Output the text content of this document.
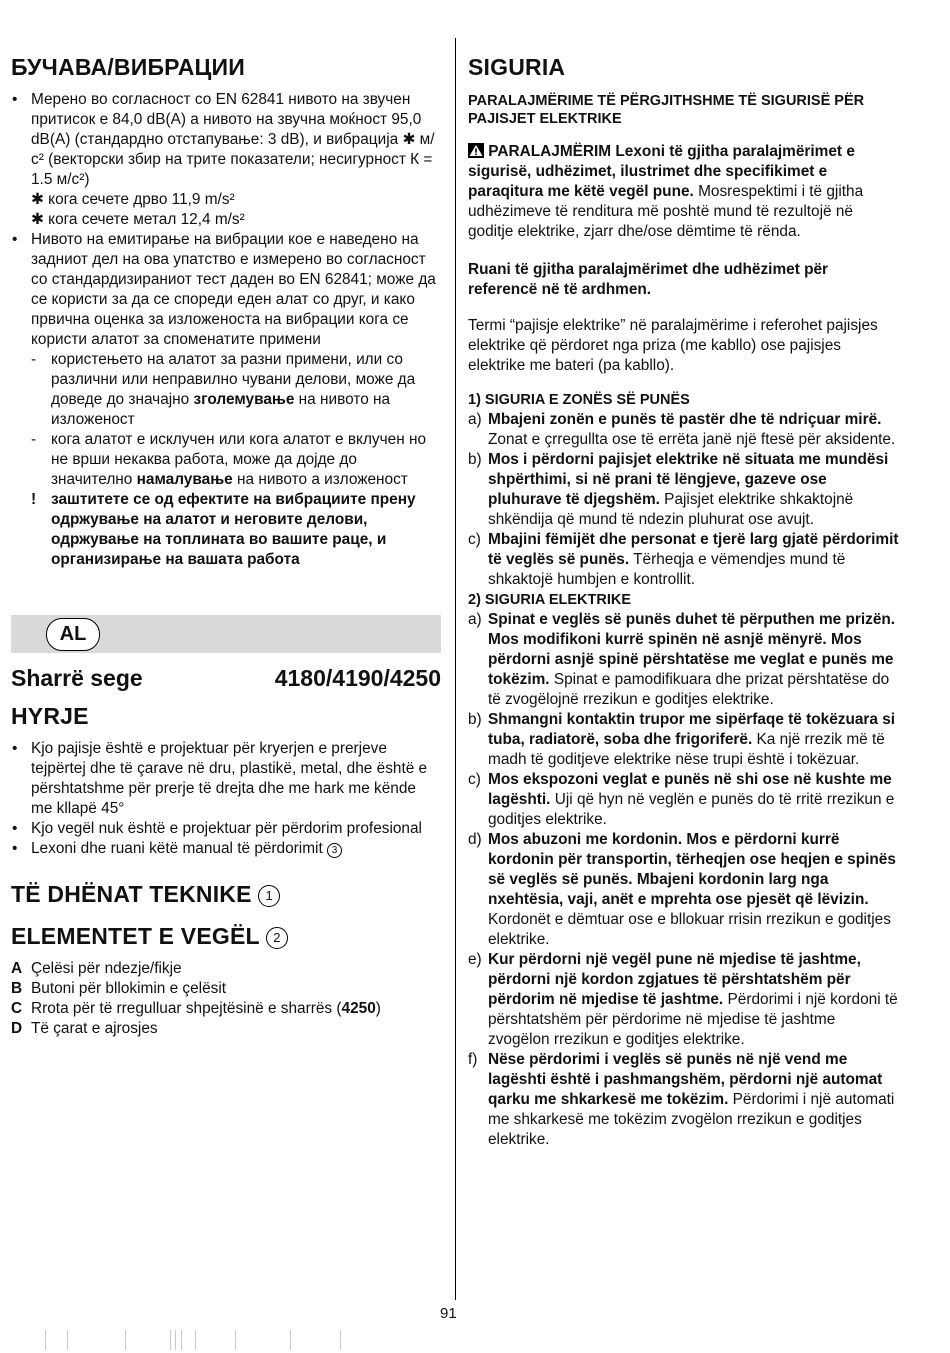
БУЧАВА/ВИБРАЦИИ
• Мерено во согласност со EN 62841 нивото на звучен притисок е 84,0 dB(A) а нивото на звучна моќност 95,0 dB(A) (стандардно отстапување: 3 dB), и вибрација ✱ м/с² (векторски збир на трите показатели; несигурност К = 1.5 м/с²)
✱ кога сечете дрво 11,9 m/s²
✱ кога сечете метал 12,4 m/s²
• Нивото на емитирање на вибрации кое е наведено на задниот дел на ова упатство е измерено во согласност со стандардизираниот тест даден во EN 62841; може да се користи за да се спореди еден алат со друг, и како првична оценка за изложеноста на вибрации кога се користи алатот за споменатите примени
- користењето на алатот за разни примени, или со различни или неправилно чувани делови, може да доведе до значајно зголемување на нивото на изложеност
- кога алатот е исклучен или кога алатот е вклучен но не врши некаква работа, може да дојде до значително намалување на нивото а изложеност
! заштитете се од ефектите на вибрациите прену одржување на алатот и неговите делови, одржување на топлината во вашите раце, и организирање на вашата работа
AL
Sharrë sege	4180/4190/4250
HYRJE
• Kjo pajisje është e projektuar për kryerjen e prerjeve tejpërtej dhe të çarave në dru, plastikë, metal, dhe është e përshtatshme për prerje të drejta dhe me hark me kënde me kllapë 45°
• Kjo vegël nuk është e projektuar për përdorim profesional
• Lexoni dhe ruani këtë manual të përdorimit 3
TË DHËNAT TEKNIKE 1
ELEMENTET E VEGËL 2
A Çelësi për ndezje/fikje
B Butoni për bllokimin e çelësit
C Rrota për të rregulluar shpejtësinë e sharrës (4250)
D Të çarat e ajrosjes
SIGURIA

PARALAJMËRIME TË PËRGJITHSHME TË SIGURISË PËR PAJISJET ELEKTRIKE

PARALAJMËRIM Lexoni të gjitha paralajmërimet e sigurisë, udhëzimet, ilustrimet dhe specifikimet e paraqitura me këtë vegël pune. Mosrespektimi i të gjitha udhëzimeve të renditura më poshtë mund të rezultojë në goditje elektrike, zjarr dhe/ose dëmtime të rënda.

Ruani të gjitha paralajmërimet dhe udhëzimet për referencë në të ardhmen.

Termi “pajisje elektrike” në paralajmërime i referohet pajisjes elektrike që përdoret nga priza (me kabllo) ose pajisjes elektrike me bateri (pa kabllo).

1) SIGURIA E ZONËS SË PUNËS

a) Mbajeni zonën e punës të pastër dhe të ndriçuar mirë. Zonat e çrregullta ose të errëta janë një ftesë për aksidente.
b) Mos i përdorni pajisjet elektrike në situata me mundësi shpërthimi, si në prani të lëngjeve, gazeve ose pluhurave të djegshëm. Pajisjet elektrike shkaktojnë shkëndija që mund të ndezin pluhurat ose avujt.
c) Mbajini fëmijët dhe personat e tjerë larg gjatë përdorimit të veglës së punës. Tërheqja e vëmendjes mund të shkaktojë humbjen e kontrollit.

2) SIGURIA ELEKTRIKE

a) Spinat e veglës së punës duhet të përputhen me prizën. Mos modifikoni kurrë spinën në asnjë mënyrë. Mos përdorni asnjë spinë përshtatëse me veglat e punës me tokëzim. Spinat e pamodifikuara dhe prizat përshtatëse do të zvogëlojnë rrezikun e goditjes elektrike.
b) Shmangni kontaktin trupor me sipërfaqe të tokëzuara si tuba, radiatorë, soba dhe frigoriferë. Ka një rrezik më të madh të goditjeve elektrike nëse trupi është i tokëzuar.
c) Mos ekspozoni veglat e punës në shi ose në kushte me lagështi. Uji që hyn në veglën e punës do të rritë rrezikun e goditjes elektrike.
d) Mos abuzoni me kordonin. Mos e përdorni kurrë kordonin për transportin, tërheqjen ose heqjen e spinës së veglës së punës. Mbajeni kordonin larg nga nxehtësia, vaji, anët e mprehta ose pjesët që lëvizin. Kordonët e dëmtuar ose e bllokuar rrisin rrezikun e goditjes elektrike.
e) Kur përdorni një vegël pune në mjedise të jashtme, përdorni një kordon zgjatues të përshtatshëm për përdorim në mjedise të jashtme. Përdorimi i një kordoni të përshtatshëm për përdorime në mjedise të jashtme zvogëlon rrezikun e goditjes elektrike.
f) Nëse përdorimi i veglës së punës në një vend me lagështi është i pashmangshëm, përdorni një automat qarku me shkarkesë me tokëzim. Përdorimi i një automati me shkarkesë me tokëzim zvogëlon rrezikun e goditjes elektrike.
91
